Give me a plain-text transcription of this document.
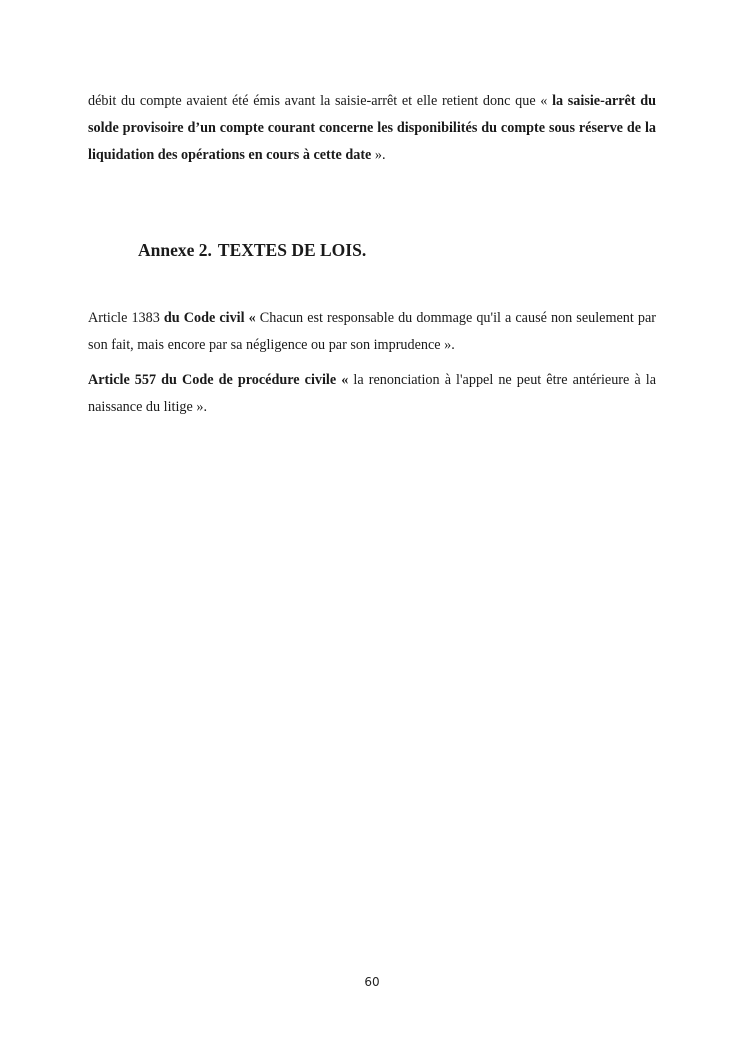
débit du compte avaient été émis avant la saisie-arrêt et elle retient donc que « la saisie-arrêt du solde provisoire d’un compte courant concerne les disponibilités du compte sous réserve de la liquidation des opérations en cours à cette date ».

Annexe 2. TEXTES DE LOIS.

Article 1383 du Code civil « Chacun est responsable du dommage qu'il a causé non seulement par son fait, mais encore par sa négligence ou par son imprudence ».

Article 557 du Code de procédure civile « la renonciation à l'appel ne peut être antérieure à la naissance du litige ».

60
